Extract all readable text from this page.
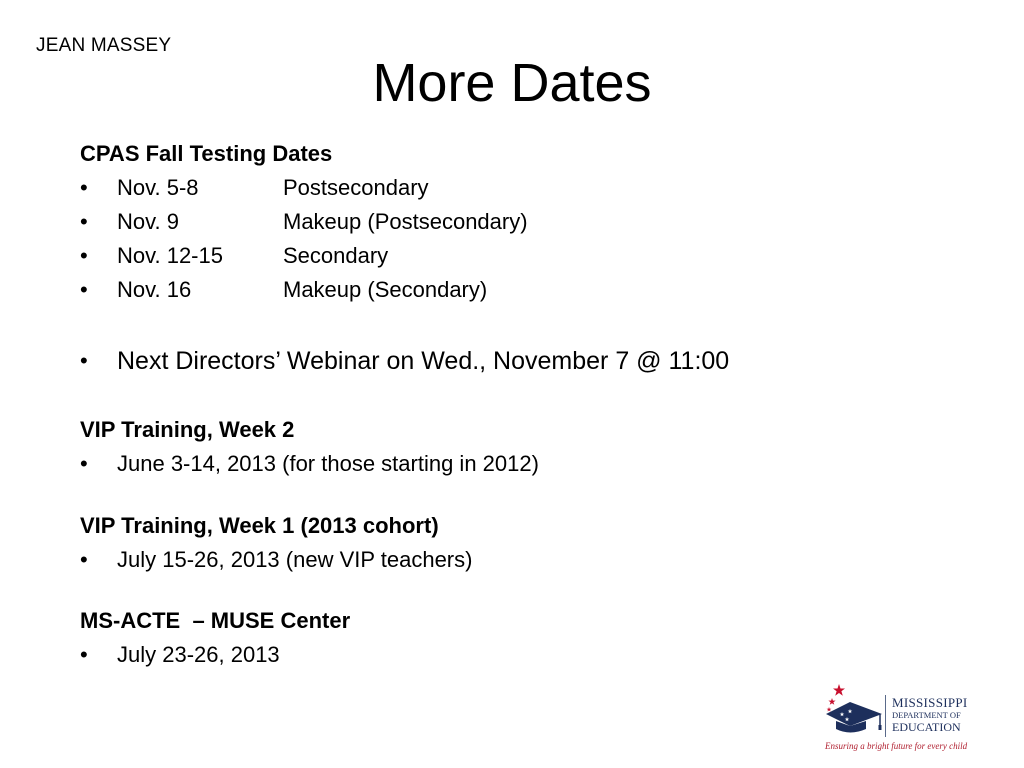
JEAN MASSEY
More Dates
CPAS Fall Testing Dates
•	Nov. 5-8	Postsecondary
•	Nov. 9	Makeup (Postsecondary)
•	Nov. 12-15	Secondary
•	Nov. 16	Makeup (Secondary)
•	Next Directors’ Webinar on Wed., November 7 @ 11:00
VIP Training, Week 2
•	June 3-14, 2013 (for those starting in 2012)
VIP Training, Week 1 (2013 cohort)
•	July 15-26, 2013 (new VIP teachers)
MS-ACTE  – MUSE Center
•	July 23-26, 2013
MISSISSIPPI
DEPARTMENT OF
EDUCATION
Ensuring a bright future for every child
